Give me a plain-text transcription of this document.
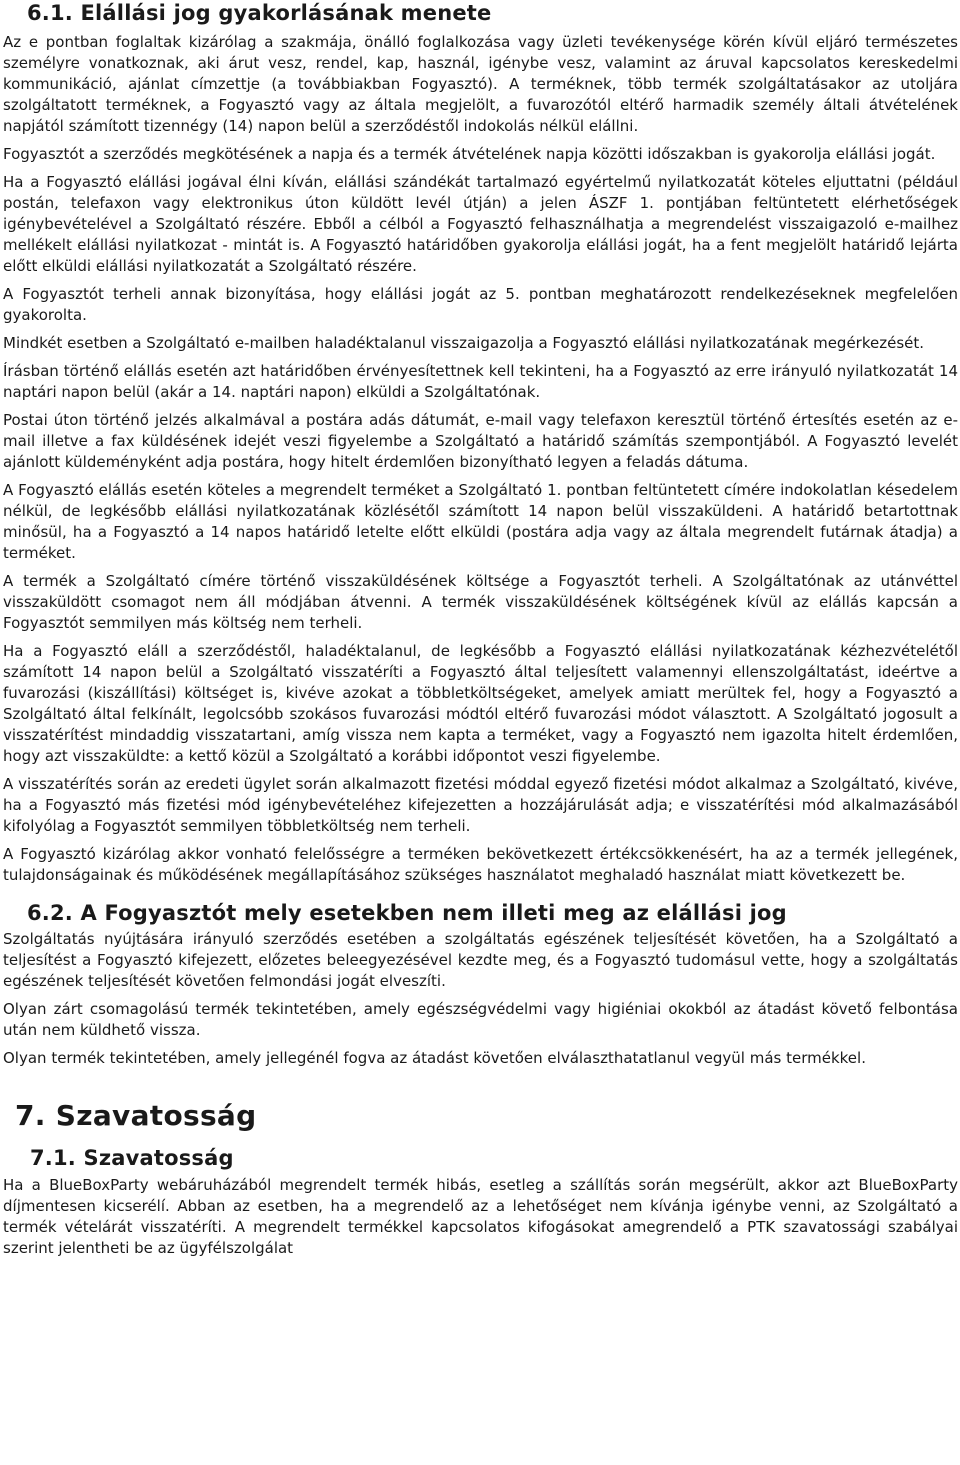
6.1. Elállási jog gyakorlásának menete

Az e pontban foglaltak kizárólag a szakmája, önálló foglalkozása vagy üzleti tevékenysége körén kívül eljáró természetes személyre vonatkoznak, aki árut vesz, rendel, kap, használ, igénybe vesz, valamint az áruval kapcsolatos kereskedelmi kommunikáció, ajánlat címzettje (a továbbiakban Fogyasztó). A terméknek, több termék szolgáltatásakor az utoljára szolgáltatott terméknek, a Fogyasztó vagy az általa megjelölt, a fuvarozótól eltérő harmadik személy általi átvételének napjától számított tizennégy (14) napon belül a szerződéstől indokolás nélkül elállni.

Fogyasztót a szerződés megkötésének a napja és a termék átvételének napja közötti időszakban is gyakorolja elállási jogát.

Ha a Fogyasztó elállási jogával élni kíván, elállási szándékát tartalmazó egyértelmű nyilatkozatát köteles eljuttatni (például postán, telefaxon vagy elektronikus úton küldött levél útján) a jelen ÁSZF 1. pontjában feltüntetett elérhetőségek igénybevételével a Szolgáltató részére. Ebből a célból a Fogyasztó felhasználhatja a megrendelést visszaigazoló e-mailhez mellékelt elállási nyilatkozat - mintát is. A Fogyasztó határidőben gyakorolja elállási jogát, ha a fent megjelölt határidő lejárta előtt elküldi elállási nyilatkozatát a Szolgáltató részére.

A Fogyasztót terheli annak bizonyítása, hogy elállási jogát az 5. pontban meghatározott rendelkezéseknek megfelelően gyakorolta.

Mindkét esetben a Szolgáltató e-mailben haladéktalanul visszaigazolja a Fogyasztó elállási nyilatkozatának megérkezését.

Írásban történő elállás esetén azt határidőben érvényesítettnek kell tekinteni, ha a Fogyasztó az erre irányuló nyilatkozatát 14 naptári napon belül (akár a 14. naptári napon) elküldi a Szolgáltatónak.

Postai úton történő jelzés alkalmával a postára adás dátumát, e-mail vagy telefaxon keresztül történő értesítés esetén az e-mail illetve a fax küldésének idejét veszi figyelembe a Szolgáltató a határidő számítás szempontjából. A Fogyasztó levelét ajánlott küldeményként adja postára, hogy hitelt érdemlően bizonyítható legyen a feladás dátuma.

A Fogyasztó elállás esetén köteles a megrendelt terméket a Szolgáltató 1. pontban feltüntetett címére indokolatlan késedelem nélkül, de legkésőbb elállási nyilatkozatának közlésétől számított 14 napon belül visszaküldeni. A határidő betartottnak minősül, ha a Fogyasztó a 14 napos határidő letelte előtt elküldi (postára adja vagy az általa megrendelt futárnak átadja) a terméket.

A termék a Szolgáltató címére történő visszaküldésének költsége a Fogyasztót terheli. A Szolgáltatónak az utánvéttel visszaküldött csomagot nem áll módjában átvenni. A termék visszaküldésének költségének kívül az elállás kapcsán a Fogyasztót semmilyen más költség nem terheli.

Ha a Fogyasztó eláll a szerződéstől, haladéktalanul, de legkésőbb a Fogyasztó elállási nyilatkozatának kézhezvételétől számított 14 napon belül a Szolgáltató visszatéríti a Fogyasztó által teljesített valamennyi ellenszolgáltatást, ideértve a fuvarozási (kiszállítási) költséget is, kivéve azokat a többletköltségeket, amelyek amiatt merültek fel, hogy a Fogyasztó a Szolgáltató által felkínált, legolcsóbb szokásos fuvarozási módtól eltérő fuvarozási módot választott. A Szolgáltató jogosult a visszatérítést mindaddig visszatartani, amíg vissza nem kapta a terméket, vagy a Fogyasztó nem igazolta hitelt érdemlően, hogy azt visszaküldte: a kettő közül a Szolgáltató a korábbi időpontot veszi figyelembe.

A visszatérítés során az eredeti ügylet során alkalmazott fizetési móddal egyező fizetési módot alkalmaz a Szolgáltató, kivéve, ha a Fogyasztó más fizetési mód igénybevételéhez kifejezetten a hozzájárulását adja; e visszatérítési mód alkalmazásából kifolyólag a Fogyasztót semmilyen többletköltség nem terheli.

A Fogyasztó kizárólag akkor vonható felelősségre a terméken bekövetkezett értékcsökkenésért, ha az a termék jellegének, tulajdonságainak és működésének megállapításához szükséges használatot meghaladó használat miatt következett be.

6.2. A Fogyasztót mely esetekben nem illeti meg az elállási jog

Szolgáltatás nyújtására irányuló szerződés esetében a szolgáltatás egészének teljesítését követően, ha a Szolgáltató a teljesítést a Fogyasztó kifejezett, előzetes beleegyezésével kezdte meg, és a Fogyasztó tudomásul vette, hogy a szolgáltatás egészének teljesítését követően felmondási jogát elveszíti.

Olyan zárt csomagolású termék tekintetében, amely egészségvédelmi vagy higiéniai okokból az átadást követő felbontása után nem küldhető vissza.

Olyan termék tekintetében, amely jellegénél fogva az átadást követően elválaszthatatlanul vegyül más termékkel.

7. Szavatosság
7.1. Szavatosság

Ha a BlueBoxParty webáruházából megrendelt termék hibás, esetleg a szállítás során megsérült, akkor azt BlueBoxParty díjmentesen kicserélí. Abban az esetben, ha a megrendelő az a lehetőséget nem kívánja igénybe venni, az Szolgáltató a termék vételárát visszatéríti. A megrendelt termékkel kapcsolatos kifogásokat amegrendelő a PTK szavatossági szabályai szerint jelentheti be az ügyfélszolgálat
